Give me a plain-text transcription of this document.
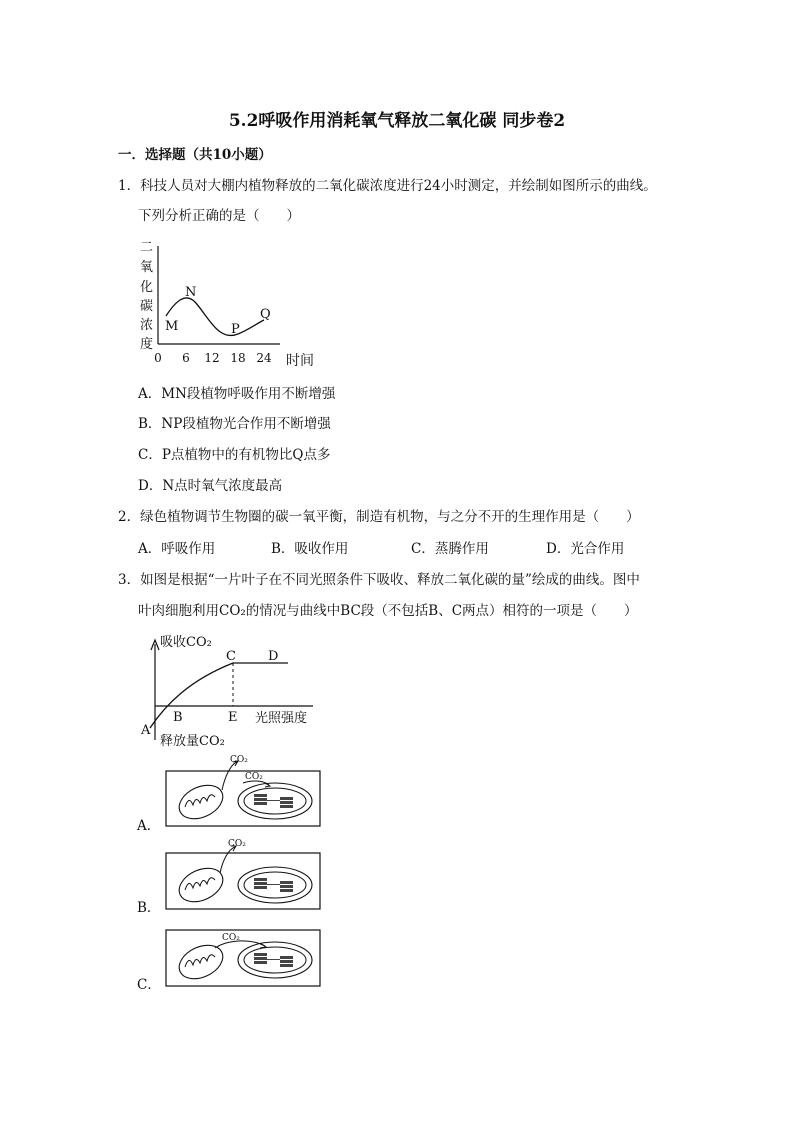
5.2呼吸作用消耗氧气释放二氧化碳 同步卷2
一．选择题（共10小题）
1．科技人员对大棚内植物释放的二氧化碳浓度进行24小时测定，并绘制如图所示的曲线。
下列分析正确的是（　　）
二
氧
化
碳
浓
度
M
N
P
Q
0 6 12 18 24 时间
A．MN段植物呼吸作用不断增强
B．NP段植物光合作用不断增强
C．P点植物中的有机物比Q点多
D．N点时氧气浓度最高
2．绿色植物调节生物圈的碳一氧平衡，制造有机物，与之分不开的生理作用是（　　）
A．呼吸作用	B．吸收作用	C．蒸腾作用	D．光合作用
3．如图是根据“一片叶子在不同光照条件下吸收、释放二氧化碳的量”绘成的曲线。图中
叶肉细胞利用CO₂的情况与曲线中BC段（不包括B、C两点）相符的一项是（　　）
吸收CO₂
释放量CO₂
光照强度
A
B
C D
E
A．
CO₂
CO₂
B．
CO₂
C．
CO₂
